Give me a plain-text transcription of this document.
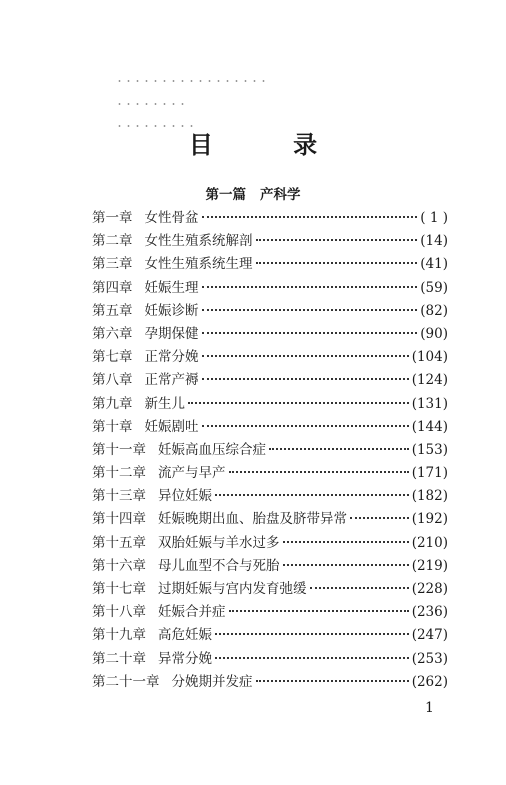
目 录
第一篇 产科学
第一章 女性骨盆	( 1 )
第二章 女性生殖系统解剖	(14)
第三章 女性生殖系统生理	(41)
第四章 妊娠生理	(59)
第五章 妊娠诊断	(82)
第六章 孕期保健	(90)
第七章 正常分娩	(104)
第八章 正常产褥	(124)
第九章 新生儿	(131)
第十章 妊娠剧吐	(144)
第十一章 妊娠高血压综合症	(153)
第十二章 流产与早产	(171)
第十三章 异位妊娠	(182)
第十四章 妊娠晚期出血、胎盘及脐带异常	(192)
第十五章 双胎妊娠与羊水过多	(210)
第十六章 母儿血型不合与死胎	(219)
第十七章 过期妊娠与宫内发育弛缓	(228)
第十八章 妊娠合并症	(236)
第十九章 高危妊娠	(247)
第二十章 异常分娩	(253)
第二十一章 分娩期并发症	(262)
1
